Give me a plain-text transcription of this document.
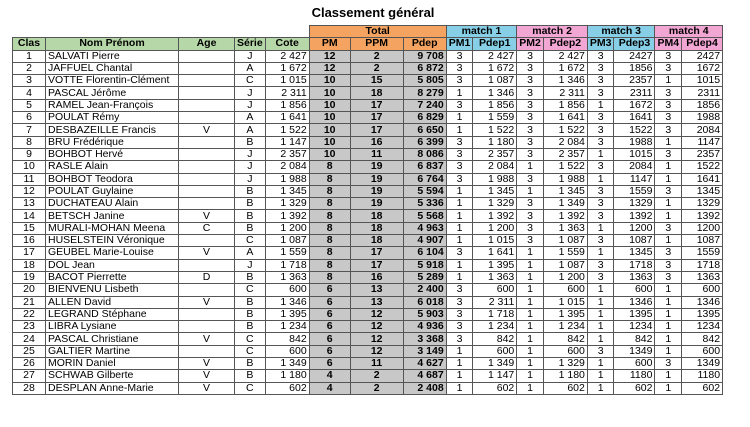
Classement général
					Total			match 1		match 2		match 3		match 4	
Clas	Nom Prénom	Age	Série	Cote	PM	PPM	Pdep	PM1	Pdep1	PM2	Pdep2	PM3	Pdep3	PM4	Pdep4
1	SALVATI Pierre		J	2 427	12	2	9 708	3	2 427	3	2 427	3	2427	3	2427
2	JAFFUEL Chantal		A	1 672	12	2	6 872	3	1 672	3	1 672	3	1856	3	1672
3	VOTTE Florentin-Clément		C	1 015	10	15	5 805	3	1 087	3	1 346	3	2357	1	1015
4	PASCAL Jérôme		J	2 311	10	18	8 279	1	1 346	3	2 311	3	2311	3	2311
5	RAMEL Jean-François		J	1 856	10	17	7 240	3	1 856	3	1 856	1	1672	3	1856
6	POULAT Rémy		A	1 641	10	17	6 829	1	1 559	3	1 641	3	1641	3	1988
7	DESBAZEILLE Francis	V	A	1 522	10	17	6 650	1	1 522	3	1 522	3	1522	3	2084
8	BRU Frédérique		B	1 147	10	16	6 399	3	1 180	3	2 084	3	1988	1	1147
9	BOHBOT Hervé		J	2 357	10	11	8 086	3	2 357	3	2 357	1	1015	3	2357
10	RASLE Alain		J	2 084	8	19	6 837	3	2 084	1	1 522	3	2084	1	1522
11	BOHBOT Teodora		J	1 988	8	19	6 764	3	1 988	3	1 988	1	1147	1	1641
12	POULAT Guylaine		B	1 345	8	19	5 594	1	1 345	1	1 345	3	1559	3	1345
13	DUCHATEAU Alain		B	1 329	8	19	5 336	1	1 329	3	1 349	3	1329	1	1329
14	BETSCH Janine	V	B	1 392	8	18	5 568	1	1 392	3	1 392	3	1392	1	1392
15	MURALI-MOHAN Meena	C	B	1 200	8	18	4 963	1	1 200	3	1 363	1	1200	3	1200
16	HUSELSTEIN Véronique		C	1 087	8	18	4 907	1	1 015	3	1 087	3	1087	1	1087
17	GEUBEL Marie-Louise	V	A	1 559	8	17	6 104	3	1 641	1	1 559	1	1345	3	1559
18	DOL Jean		J	1 718	8	17	5 918	1	1 395	1	1 087	3	1718	3	1718
19	BACOT Pierrette	D	B	1 363	8	16	5 289	1	1 363	1	1 200	3	1363	3	1363
20	BIENVENU Lisbeth		C	600	6	13	2 400	3	600	1	600	1	600	1	600
21	ALLEN David	V	B	1 346	6	13	6 018	3	2 311	1	1 015	1	1346	1	1346
22	LEGRAND Stéphane		B	1 395	6	12	5 903	3	1 718	1	1 395	1	1395	1	1395
23	LIBRA Lysiane		B	1 234	6	12	4 936	3	1 234	1	1 234	1	1234	1	1234
24	PASCAL Christiane	V	C	842	6	12	3 368	3	842	1	842	1	842	1	842
25	GALTIER Martine		C	600	6	12	3 149	1	600	1	600	3	1349	1	600
26	MORIN Daniel	V	B	1 349	6	11	4 627	1	1 349	1	1 329	1	600	3	1349
27	SCHWAB Gilberte	V	B	1 180	4	2	4 687	1	1 147	1	1 180	1	1180	1	1180
28	DESPLAN Anne-Marie	V	C	602	4	2	2 408	1	602	1	602	1	602	1	602
